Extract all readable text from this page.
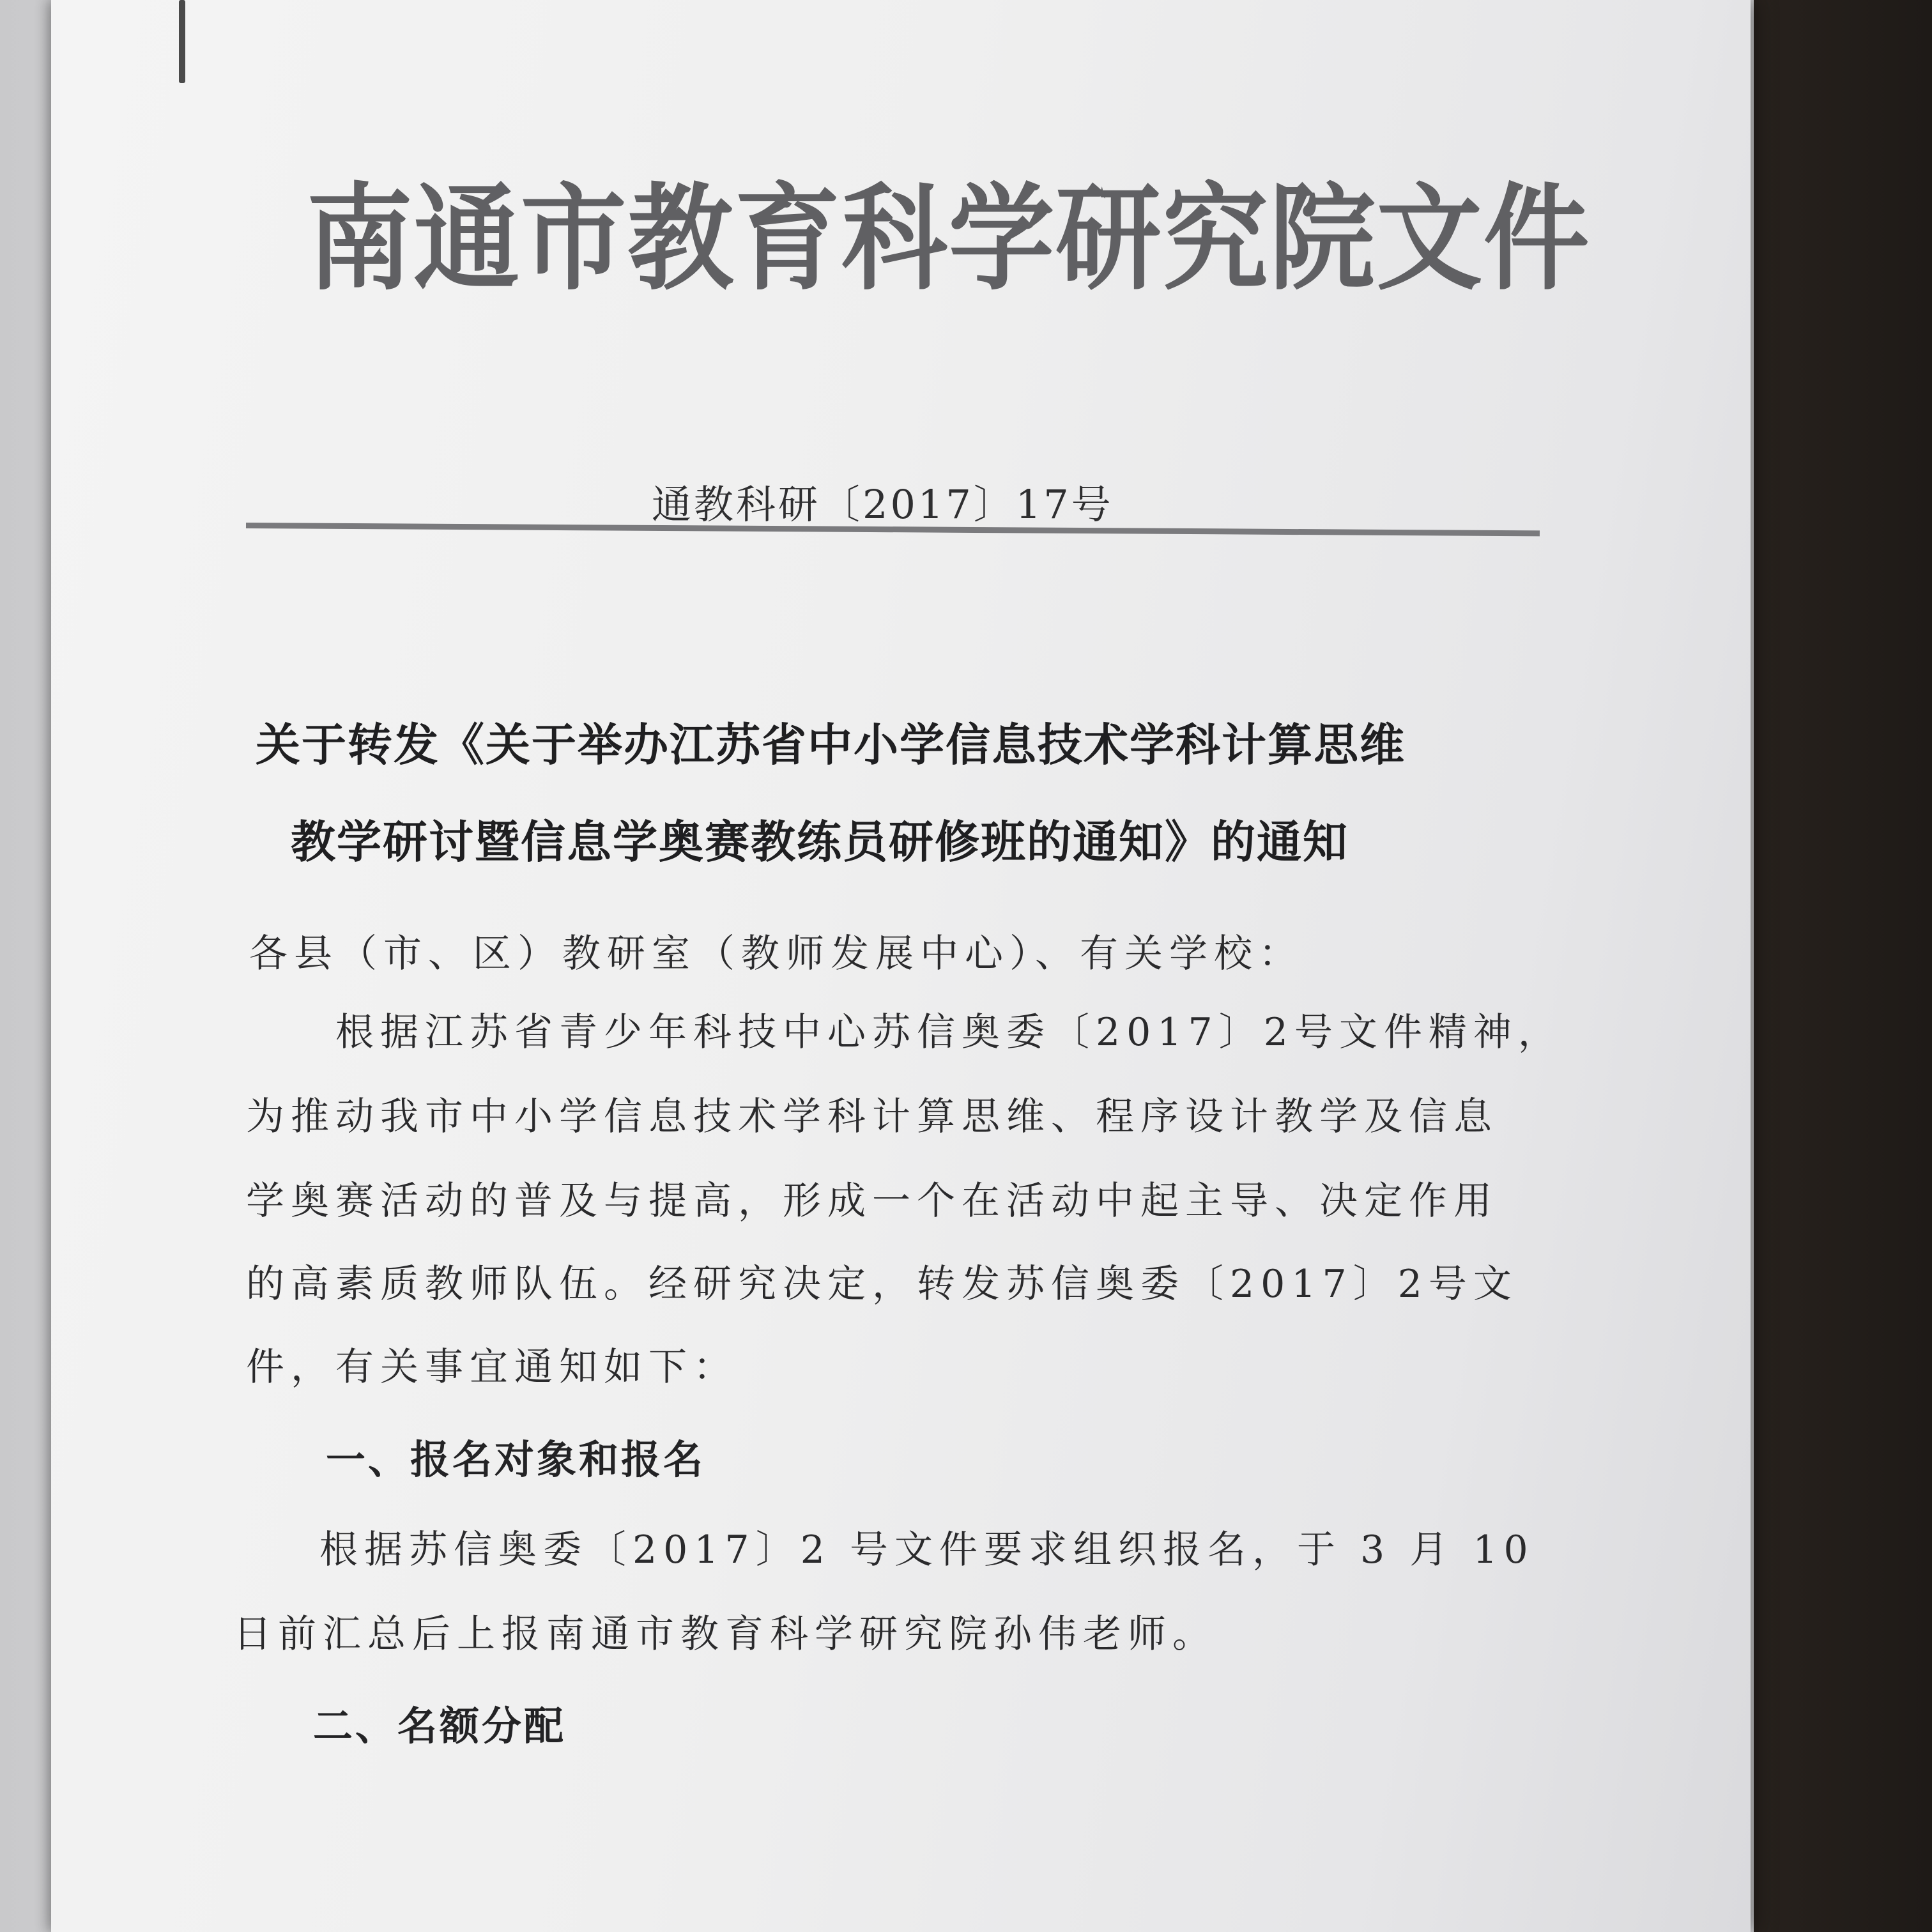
南通市教育科学研究院文件
通教科研〔2017〕17号
关于转发《关于举办江苏省中小学信息技术学科计算思维
教学研讨暨信息学奥赛教练员研修班的通知》的通知
各县（市、区）教研室（教师发展中心）、有关学校：
根据江苏省青少年科技中心苏信奥委〔2017〕2号文件精神，
为推动我市中小学信息技术学科计算思维、程序设计教学及信息
学奥赛活动的普及与提高，形成一个在活动中起主导、决定作用
的高素质教师队伍。经研究决定，转发苏信奥委〔2017〕2号文
件，有关事宜通知如下：
一、报名对象和报名
根据苏信奥委〔2017〕2 号文件要求组织报名，于 3 月 10
日前汇总后上报南通市教育科学研究院孙伟老师。
二、名额分配
